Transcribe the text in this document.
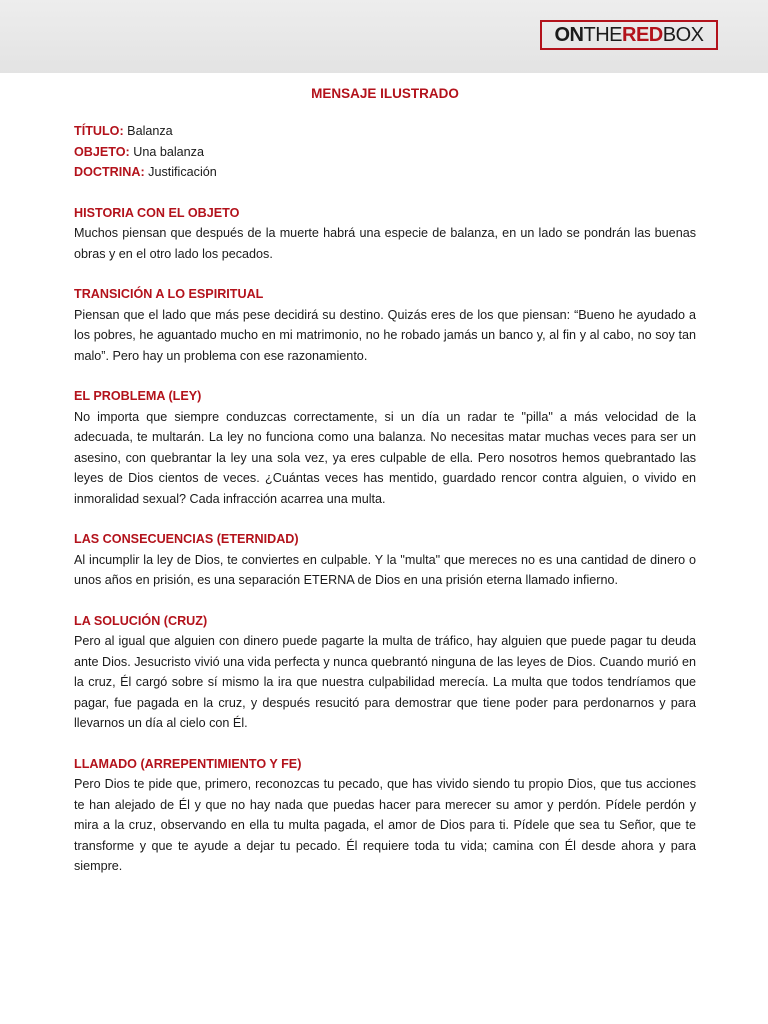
ON THE RED BOX
MENSAJE ILUSTRADO
TÍTULO: Balanza
OBJETO: Una balanza
DOCTRINA: Justificación
HISTORIA CON EL OBJETO

Muchos piensan que después de la muerte habrá una especie de balanza, en un lado se pondrán las buenas obras y en el otro lado los pecados.

TRANSICIÓN A LO ESPIRITUAL

Piensan que el lado que más pese decidirá su destino. Quizás eres de los que piensan: “Bueno he ayudado a los pobres, he aguantado mucho en mi matrimonio, no he robado jamás un banco y, al fin y al cabo, no soy tan malo”. Pero hay un problema con ese razonamiento.

EL PROBLEMA (LEY)

No importa que siempre conduzcas correctamente, si un día un radar te "pilla" a más velocidad de la adecuada, te multarán. La ley no funciona como una balanza. No necesitas matar muchas veces para ser un asesino, con quebrantar la ley una sola vez, ya eres culpable de ella. Pero nosotros hemos quebrantado las leyes de Dios cientos de veces. ¿Cuántas veces has mentido, guardado rencor contra alguien, o vivido en inmoralidad sexual? Cada infracción acarrea una multa.

LAS CONSECUENCIAS (ETERNIDAD)

Al incumplir la ley de Dios, te conviertes en culpable. Y la "multa" que mereces no es una cantidad de dinero o unos años en prisión, es una separación ETERNA de Dios en una prisión eterna llamado infierno.

LA SOLUCIÓN (CRUZ)

Pero al igual que alguien con dinero puede pagarte la multa de tráfico, hay alguien que puede pagar tu deuda ante Dios. Jesucristo vivió una vida perfecta y nunca quebrantó ninguna de las leyes de Dios. Cuando murió en la cruz, Él cargó sobre sí mismo la ira que nuestra culpabilidad merecía. La multa que todos tendríamos que pagar, fue pagada en la cruz, y después resucitó para demostrar que tiene poder para perdonarnos y para llevarnos un día al cielo con Él.

LLAMADO (ARREPENTIMIENTO Y FE)

Pero Dios te pide que, primero, reconozcas tu pecado, que has vivido siendo tu propio Dios, que tus acciones te han alejado de Él y que no hay nada que puedas hacer para merecer su amor y perdón. Pídele perdón y mira a la cruz, observando en ella tu multa pagada, el amor de Dios para ti. Pídele que sea tu Señor, que te transforme y que te ayude a dejar tu pecado. Él requiere toda tu vida; camina con Él desde ahora y para siempre.
